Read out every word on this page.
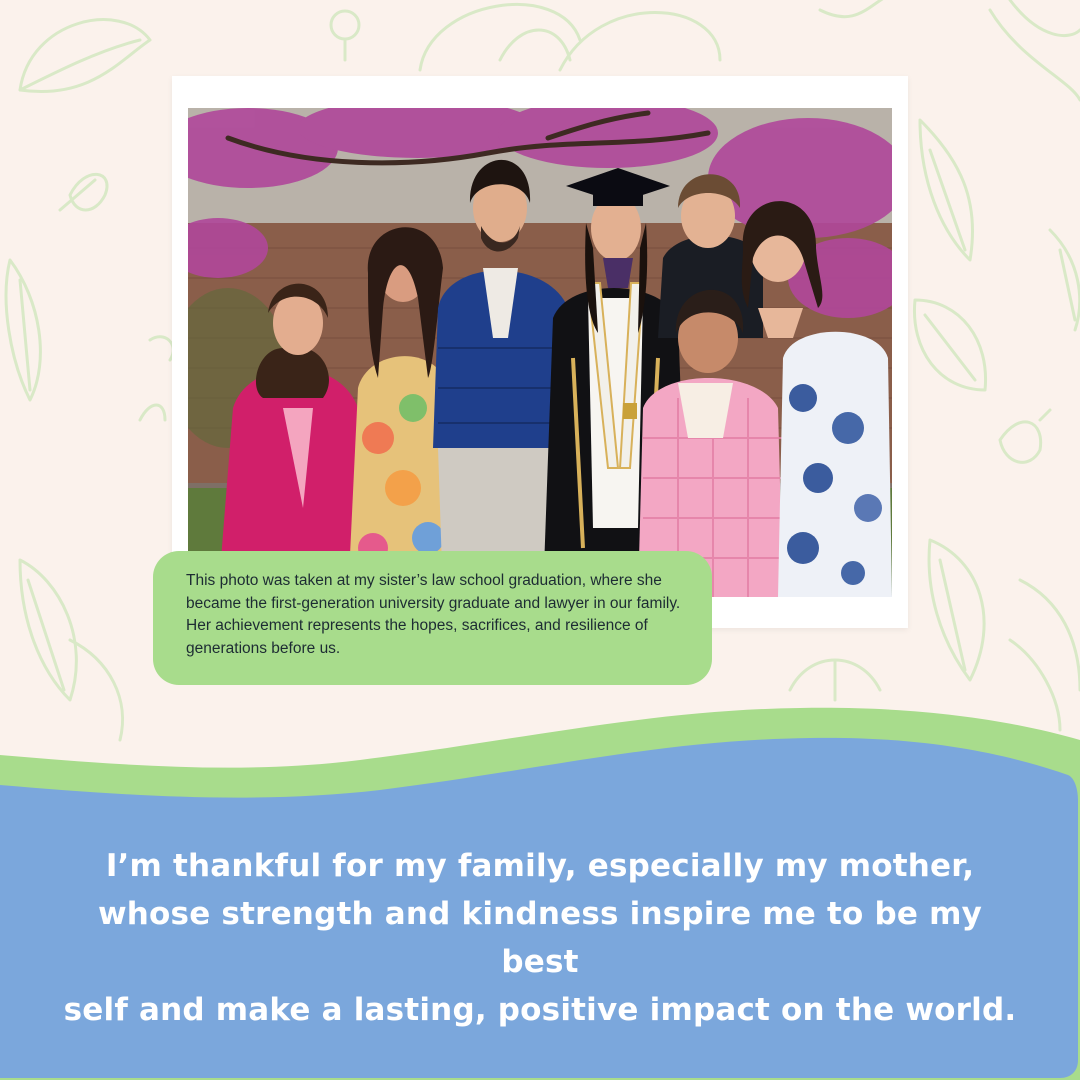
This photo was taken at my sister’s law school graduation, where she became the first-generation university graduate and lawyer in our family. Her achievement represents the hopes, sacrifices, and resilience of generations before us.
I’m thankful for my family, especially my mother,
whose strength and kindness inspire me to be my best
self and make a lasting, positive impact on the world.
